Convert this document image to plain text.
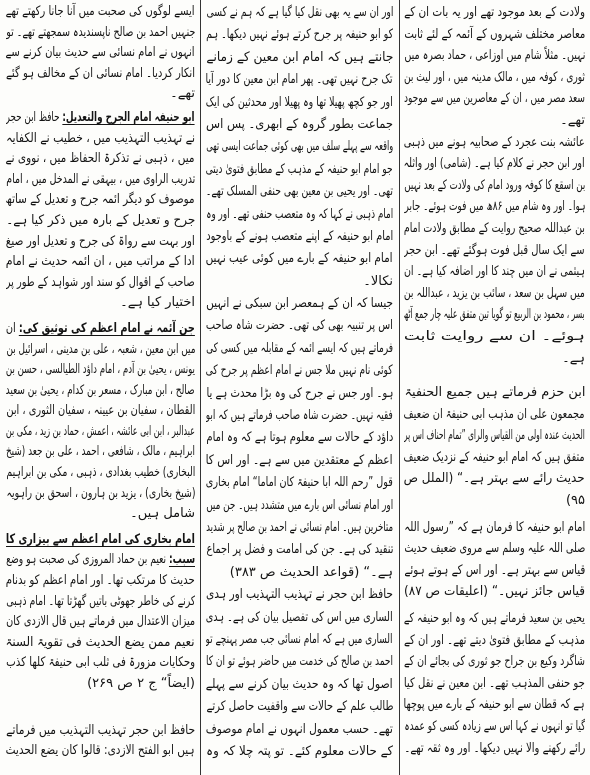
ولادت کے بعد موجود تھے اور یہ بات ان کے
معاصر مختلف شہروں کے آئمہ کے لئے ثابت
نہیں۔ مثلاً شام میں اوزاعی ، حماد بصرہ میں
ثوری ، کوفہ میں ، مالک مدینہ میں ، اور لیث بن
سعد مصر میں ، ان کے معاصرین میں سے موجود
تھے۔
عائشہ بنت عجرد کے صحابیہ ہونے میں ذہبی
اور ابن حجر نے کلام کیا ہے۔ (شامی) اور واثلہ
بن اسقع کا کوفہ ورود امام کی ولادت کے بعد نہیں
ہوا۔ اور وہ شام میں ۸۶ھ میں فوت ہوئے۔ جابر
بن عبداللہ صحیح روایت کے مطابق ولادت امام
سے ایک سال قبل فوت ہوگئے تھے۔ ابن حجر
ہیثمی نے ان میں چند کا اور اضافہ کیا ہے۔ ان
میں سہل بن سعد ، سائب بن یزید ، عبداللہ بن
بسر ، محمود بن الربیع تو گویا تین متفق علیہ چار جمع آٹھ
ہوئے۔ ان سے روایت ثابت
ہے۔
ابن حزم فرماتے ہیں جمیع الحنفیۃ
مجمعون علی ان مذہب ابی حنیفۃ ان ضعیف
الحدیث عندہ اولی من القیاس والرای ”تمام احناف اس پر
متفق ہیں کہ امام ابو حنیفہ کے نزدیک ضعیف
حدیث رائے سے بہتر ہے۔“ (الملل ص
۹۵)
امام ابو حنیفہ کا فرمان ہے کہ ”رسول اللہ
صلی اللہ علیہ وسلم سے مروی ضعیف حدیث
قیاس سے بہتر ہے۔ اور اس کے ہوتے ہوئے
قیاس جائز نہیں۔“ (اعلیقات ص ۸۷)
یحیی بن سعید فرماتے ہیں کہ وہ ابو حنیفہ کے
مذہب کے مطابق فتویٰ دیتے تھے۔ اور ان کے
شاگرد وکیع بن جراح جو ثوری کی بجائے ان کے
جو حنفی المذہب تھے۔ ابن معین نے نقل کیا
ہے کہ قطان سے ابو حنیفہ کے بارے میں پوچھا
گیا تو انہوں نے کہا اس سے زیادہ کسی کو عمدہ
رائے رکھنے والا نہیں دیکھا۔ اور وہ ثقہ تھے۔
اور ان سے یہ بھی نقل کیا گیا ہے کہ ہم نے کسی
کو ابو حنیفہ پر جرح کرتے ہوئے نہیں دیکھا۔ ہم
جانتے ہیں کہ امام ابن معین کے زمانے
تک جرح نہیں تھی۔ پھر امام ابن معین کا دور آیا
اور جو کچھ پھیلا تھا وہ پھیلا اور محدثین کی ایک
جماعت بطور گروہ کے ابھری۔ پس اس
واقعہ سے پہلے سلف میں بھی کوئی جماعت ایسی تھی
جو امام ابو حنیفہ کے مذہب کے مطابق فتویٰ دیتی
تھی۔ اور یحیی بن معین بھی حنفی المسلک تھے۔
امام ذہبی نے کہا کہ وہ متعصب حنفی تھے۔ اور وہ
امام ابو حنیفہ کے اپنے متعصب ہونے کے باوجود
امام ابو حنیفہ کے بارے میں کوئی عیب نہیں
نکالا۔
جیسا کہ ان کے ہمعصر ابن سبکی نے انہیں
اس پر تنبیہ بھی کی تھی۔ حضرت شاہ صاحب
فرماتے ہیں کہ ایسے ائمہ کے مقابلہ میں کسی کی
کوئی نام نہیں ملا جس نے امام اعظم پر جرح کی
ہو۔ اور جس نے جرح کی وہ بڑا محدث ہے یا
فقیہ نہیں۔ حضرت شاہ صاحب فرماتے ہیں کہ ابو
داؤد کے حالات سے معلوم ہوتا ہے کہ وہ امام
اعظم کے معتقدین میں سے ہے۔ اور اس کا
قول ”رحم اللہ ابا حنیفۃ کان اماما“ امام بخاری
اور امام نسائی اس بارے میں متشدد ہیں۔ جن میں
متاخرین ہیں۔ امام نسائی نے احمد بن صالح پر شدید
تنقید کی ہے۔ جن کی امامت و فضل پر اجماع
ہے۔“ (قواعد الحدیث ص ۳۸۳)
حافظ ابن حجر نے تہذیب التہذیب اور ہدی
الساری میں اس کی تفصیل بیان کی ہے۔ ہدی
الساری میں ہے کہ امام نسائی جب مصر پہنچے تو
احمد بن صالح کی خدمت میں حاضر ہوئے تو ان کا
اصول تھا کہ وہ حدیث بیان کرنے سے پہلے
طالب علم کے حالات سے واقفیت حاصل کرتے
تھے۔ حسب معمول انہوں نے امام موصوف
کے حالات معلوم کئے۔ تو پتہ چلا کہ وہ
ایسے لوگوں کی صحبت میں آنا جانا رکھتے تھے
جنہیں احمد بن صالح ناپسندیدہ سمجھتے تھے۔ تو
انہوں نے امام نسائی سے حدیث بیان کرنے سے
انکار کردیا۔ امام نسائی ان کے مخالف ہو گئے
تھے۔
ابو حنیفہ امام الجرح والتعدیل: حافظ ابن حجر
نے تہذیب التہذیب میں ، خطیب نے الکفایہ
میں ، ذہبی نے تذکرۃ الحفاظ میں ، نووی نے
تدریب الراوی میں ، بیہقی نے المدخل میں ، امام
موصوف کو دیگر ائمہ جرح و تعدیل کے ساتھ
جرح و تعدیل کے بارہ میں ذکر کیا ہے۔
اور بہت سے رواۃ کی جرح و تعدیل اور صیغ
ادا کے مراتب میں ، ان ائمہ حدیث نے امام
صاحب کے اقوال کو سند اور شواہد کے طور پر
اختیار کیا ہے۔
جن آئمہ نے امام اعظم کی توثیق کی: ان
میں ابن معین ، شعبہ ، علی بن مدینی ، اسرائیل بن
یونس ، یحییٰ بن آدم ، امام داؤد الطیالسی ، حسن بن
صالح ، ابن مبارک ، مسعر بن کدام ، یحییٰ بن سعید
القطان ، سفیان بن عیینہ ، سفیان الثوری ، ابن
عبدالبر ، ابن ابی عائشہ ، اعمش ، حماد بن زید ، مکی بن
ابراہیم ، مالک ، شافعی ، احمد ، علی بن جعد (شیخ
البخاری) خطیب بغدادی ، ذہبی ، مکی بن ابراہیم
(شیخ بخاری) ، یزید بن ہارون ، اسحق بن راہویہ
شامل ہیں۔
امام بخاری کی امام اعظم سے بیزاری کا
سبب: نعیم بن حماد المروزی کی صحبت ہو وضع
حدیث کا مرتکب تھا۔ اور امام اعظم کو بدنام
کرنے کی خاطر جھوٹی باتیں گھڑتا تھا۔ امام ذہبی
میزان الاعتدال میں فرماتے ہیں قال الازدی کان
نعیم ممن یضع الحدیث فی تقویۃ السنۃ
وحکایات مزورۃ فی ثلب ابی حنیفۃ کلھا کذب
(ایضاً“ ج ۲ ص ۲۶۹)
حافظ ابن حجر تہذیب التہذیب میں فرماتے
ہیں ابو الفتح الازدی: قالوا کان یضع الحدیث
